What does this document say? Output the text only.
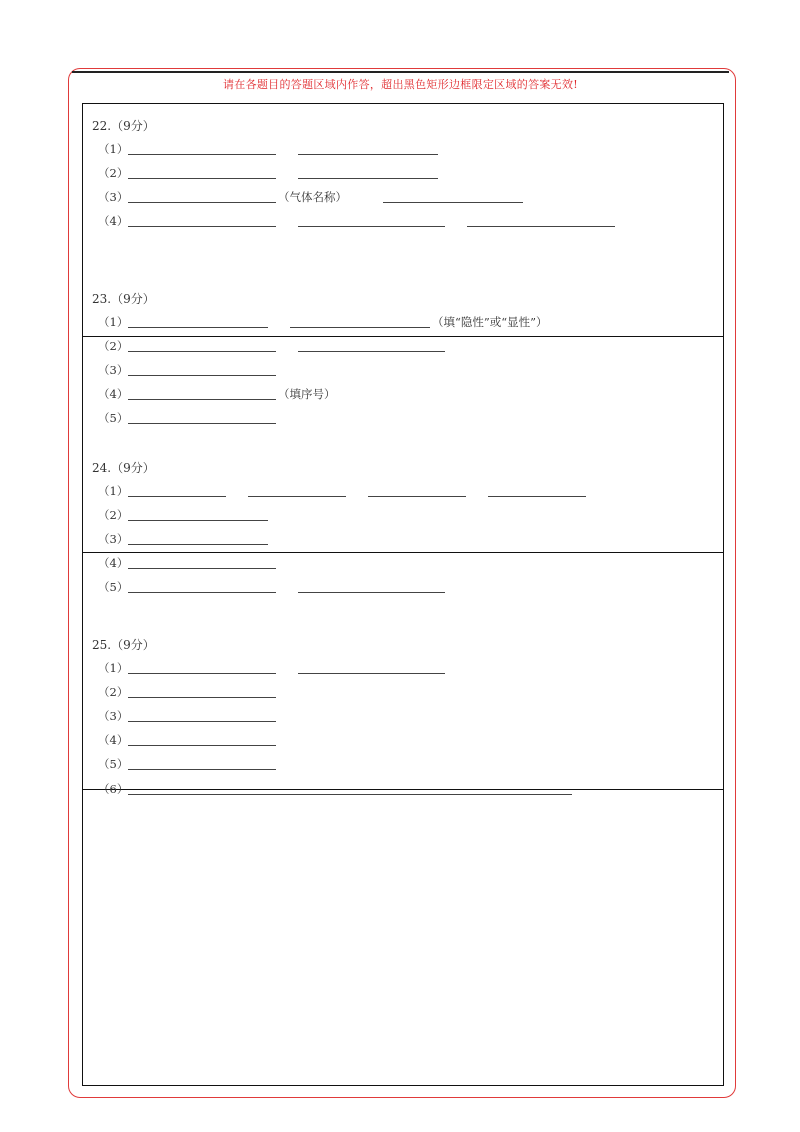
请在各题目的答题区域内作答，超出黑色矩形边框限定区域的答案无效!
22.（9分）
（1）
（2）
（3）	（气体名称）
（4）
23.（9分）
（1）	（填“隐性”或“显性”）
（2）
（3）
（4）	（填序号）
（5）
24.（9分）
（1）
（2）
（3）
（4）
（5）
25.（9分）
（1）
（2）
（3）
（4）
（5）
（6）
